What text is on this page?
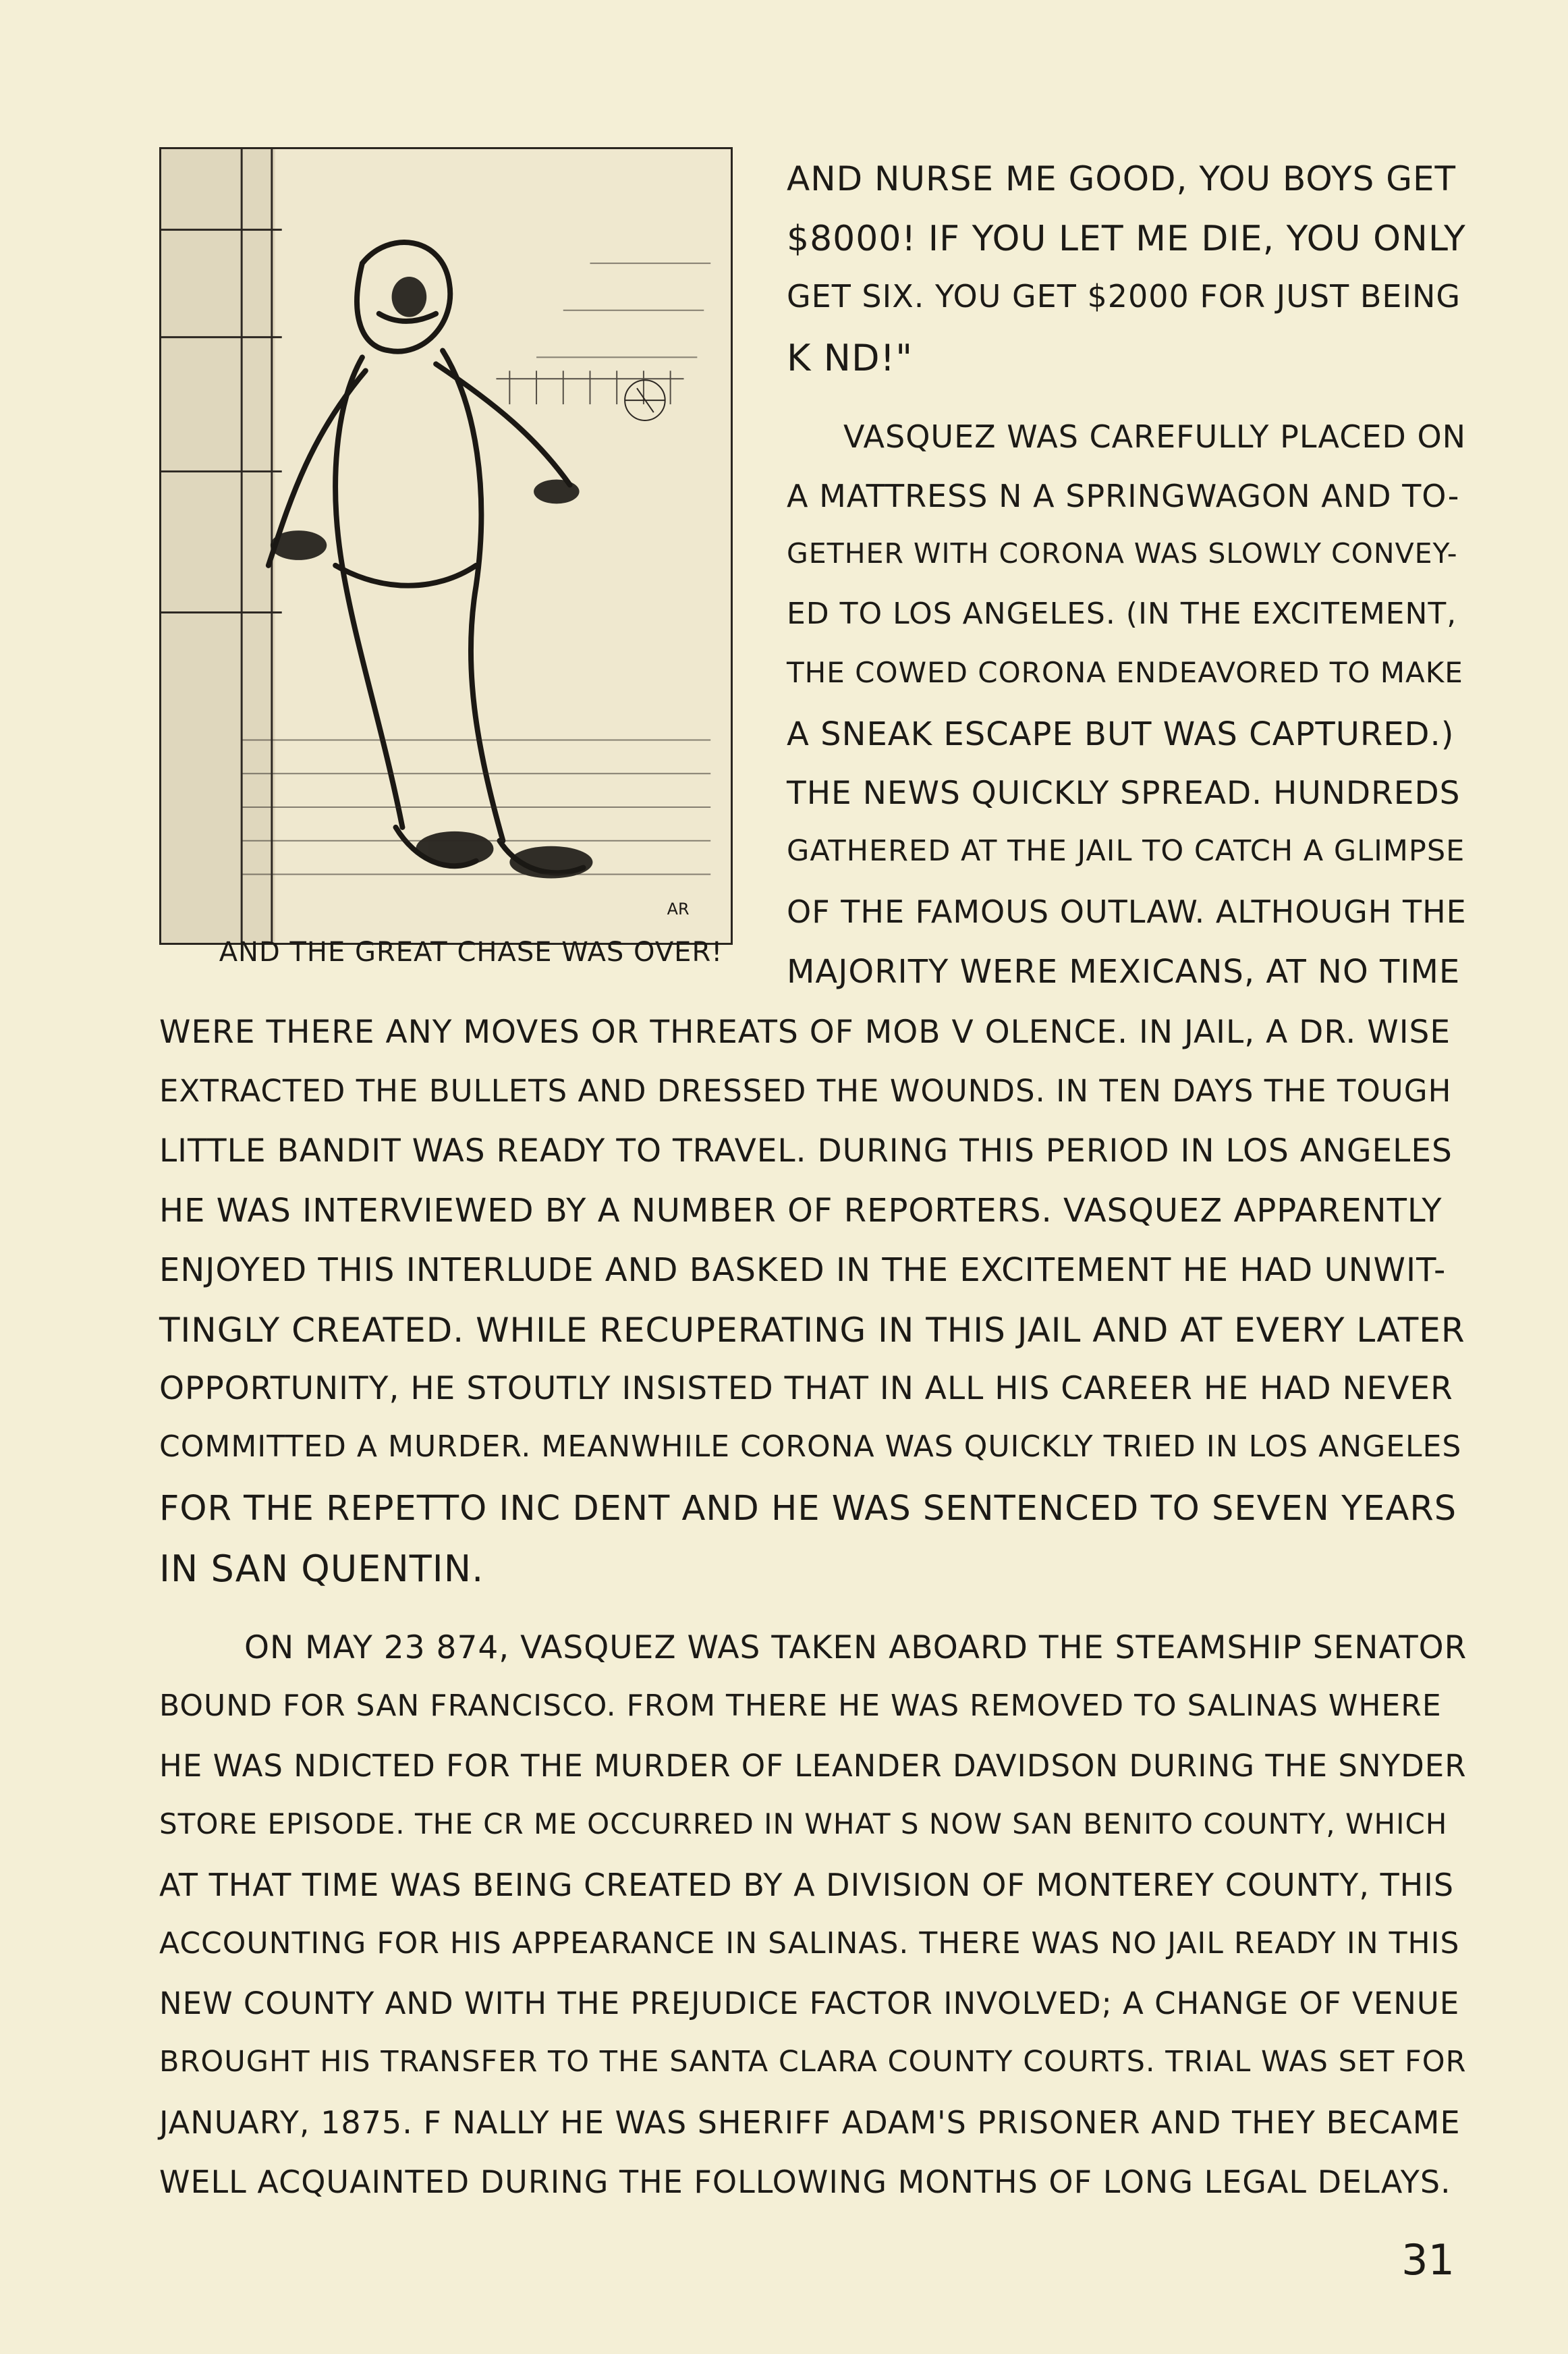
AR
AND THE GREAT CHASE WAS OVER!
AND NURSE ME GOOD, YOU BOYS GET
$8000! IF YOU LET ME DIE, YOU ONLY
GET SIX. YOU GET $2000 FOR JUST BEING
K ND!"
VASQUEZ WAS CAREFULLY PLACED ON
A MATTRESS N A SPRINGWAGON AND TO-
GETHER WITH CORONA WAS SLOWLY CONVEY-
ED TO LOS ANGELES. (IN THE EXCITEMENT,
THE COWED CORONA ENDEAVORED TO MAKE
A SNEAK ESCAPE BUT WAS CAPTURED.)
THE NEWS QUICKLY SPREAD. HUNDREDS
GATHERED AT THE JAIL TO CATCH A GLIMPSE
OF THE FAMOUS OUTLAW. ALTHOUGH THE
MAJORITY WERE MEXICANS, AT NO TIME
WERE THERE ANY MOVES OR THREATS OF MOB V OLENCE. IN JAIL, A DR. WISE
EXTRACTED THE BULLETS AND DRESSED THE WOUNDS. IN TEN DAYS THE TOUGH
LITTLE BANDIT WAS READY TO TRAVEL. DURING THIS PERIOD IN LOS ANGELES
HE WAS INTERVIEWED BY A NUMBER OF REPORTERS. VASQUEZ APPARENTLY
ENJOYED THIS INTERLUDE AND BASKED IN THE EXCITEMENT HE HAD UNWIT-
TINGLY CREATED. WHILE RECUPERATING IN THIS JAIL AND AT EVERY LATER
OPPORTUNITY, HE STOUTLY INSISTED THAT IN ALL HIS CAREER HE HAD NEVER
COMMITTED A MURDER. MEANWHILE CORONA WAS QUICKLY TRIED IN LOS ANGELES
FOR THE REPETTO INC DENT AND HE WAS SENTENCED TO SEVEN YEARS
IN SAN QUENTIN.
ON MAY 23 874, VASQUEZ WAS TAKEN ABOARD THE STEAMSHIP SENATOR
BOUND FOR SAN FRANCISCO. FROM THERE HE WAS REMOVED TO SALINAS WHERE
HE WAS NDICTED FOR THE MURDER OF LEANDER DAVIDSON DURING THE SNYDER
STORE EPISODE. THE CR ME OCCURRED IN WHAT S NOW SAN BENITO COUNTY, WHICH
AT THAT TIME WAS BEING CREATED BY A DIVISION OF MONTEREY COUNTY, THIS
ACCOUNTING FOR HIS APPEARANCE IN SALINAS. THERE WAS NO JAIL READY IN THIS
NEW COUNTY AND WITH THE PREJUDICE FACTOR INVOLVED; A CHANGE OF VENUE
BROUGHT HIS TRANSFER TO THE SANTA CLARA COUNTY COURTS. TRIAL WAS SET FOR
JANUARY, 1875. F NALLY HE WAS SHERIFF ADAM'S PRISONER AND THEY BECAME
WELL ACQUAINTED DURING THE FOLLOWING MONTHS OF LONG LEGAL DELAYS.
31
